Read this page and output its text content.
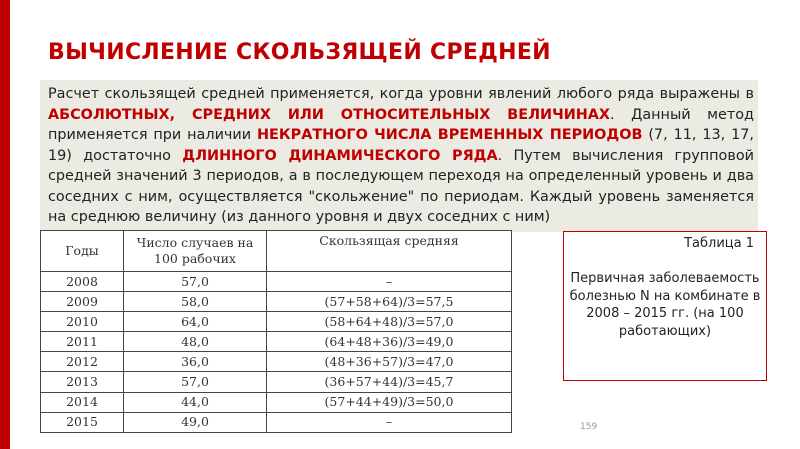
ВЫЧИСЛЕНИЕ СКОЛЬЗЯЩЕЙ СРЕДНЕЙ
Расчет скользящей средней применяется, когда уровни явлений любого ряда выражены в АБСОЛЮТНЫХ, СРЕДНИХ ИЛИ ОТНОСИТЕЛЬНЫХ ВЕЛИЧИНАХ. Данный метод применяется при наличии НЕКРАТНОГО ЧИСЛА ВРЕМЕННЫХ ПЕРИОДОВ (7, 11, 13, 17, 19) достаточно ДЛИННОГО ДИНАМИЧЕСКОГО РЯДА. Путем вычисления групповой средней значений 3 периодов, а в последующем переходя на определенный уровень и два соседних с ним, осуществляется "скольжение" по периодам. Каждый уровень заменяется на среднюю величину (из данного уровня и двух соседних с ним)
Годы	Число случаев на 100 рабочих	Скользящая средняя
2008	57,0	–
2009	58,0	(57+58+64)/3=57,5
2010	64,0	(58+64+48)/3=57,0
2011	48,0	(64+48+36)/3=49,0
2012	36,0	(48+36+57)/3=47,0
2013	57,0	(36+57+44)/3=45,7
2014	44,0	(57+44+49)/3=50,0
2015	49,0	–
Таблица 1
Первичная заболеваемость болезнью N на комбинате в 2008 – 2015 гг. (на 100 работающих)
159
